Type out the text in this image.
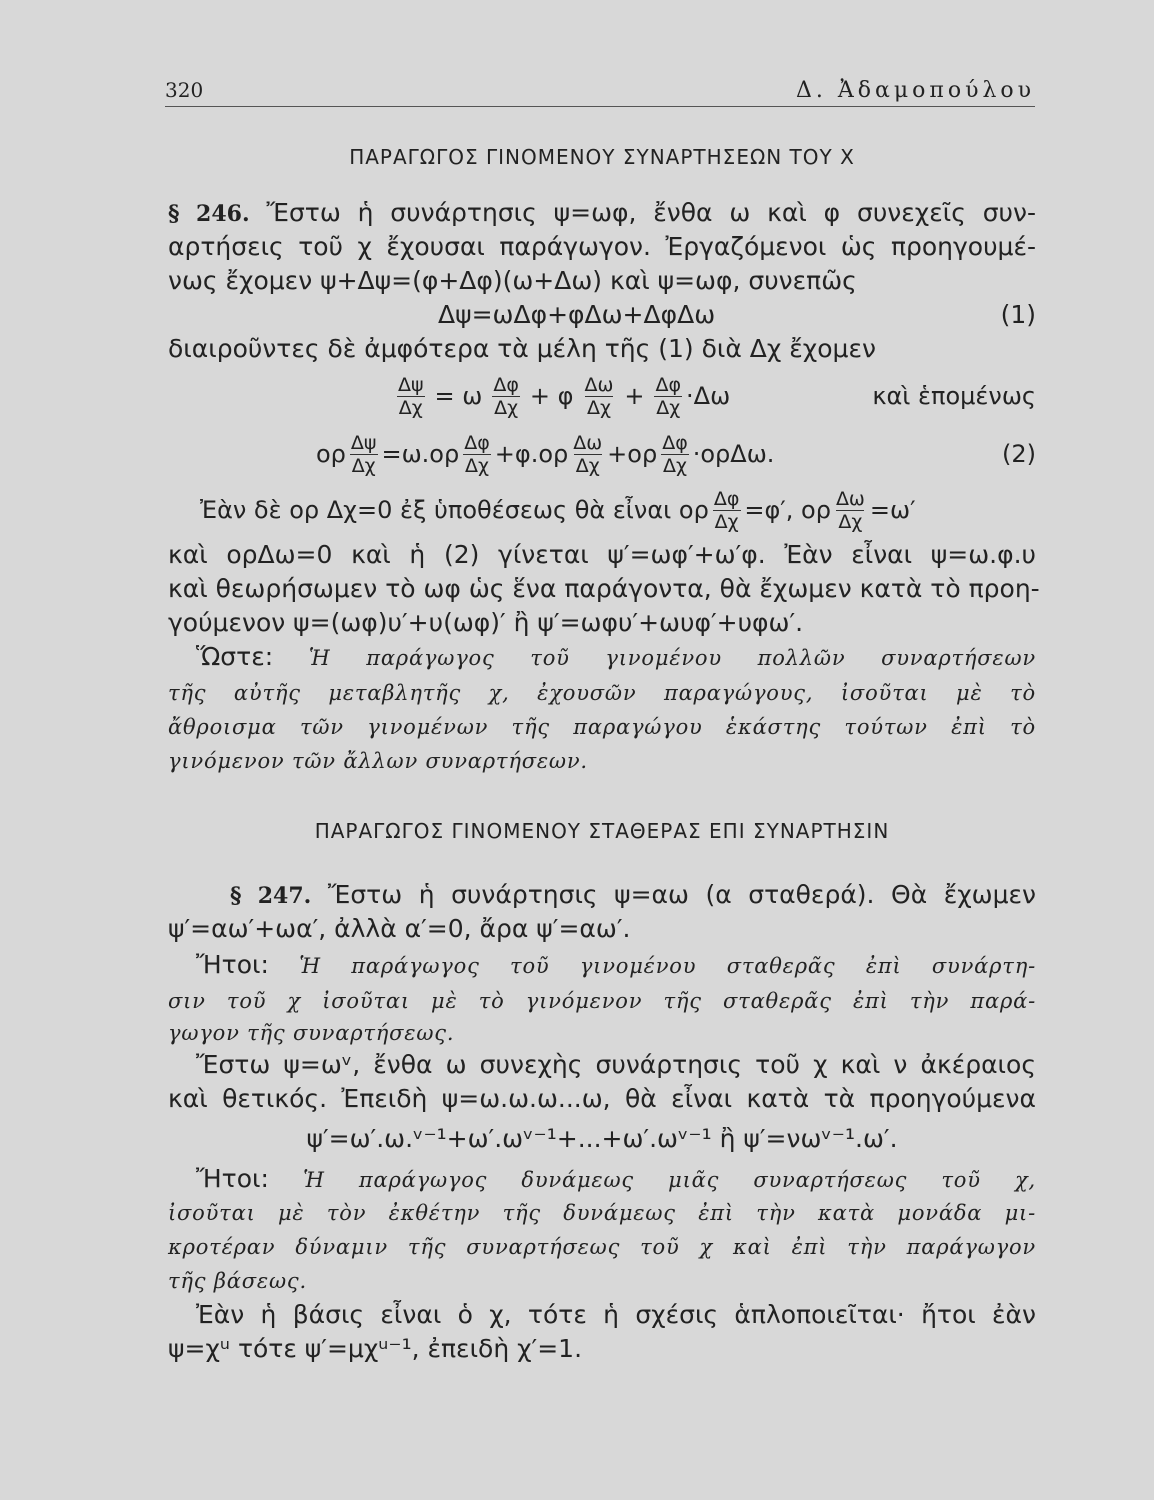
320	Δ. Ἀδαμοπούλου
ΠΑΡΑΓΩΓΟΣ ΓΙΝΟΜΕΝΟΥ ΣΥΝΑΡΤΗΣΕΩΝ ΤΟΥ Χ
§ 246. Ἔστω ἡ συνάρτησις ψ=ωφ, ἔνθα ω καὶ φ συνεχεῖς συν-
αρτήσεις τοῦ χ ἔχουσαι παράγωγον. Ἐργαζόμενοι ὡς προηγουμέ-
νως ἔχομεν ψ+Δψ=(φ+Δφ)(ω+Δω) καὶ ψ=ωφ, συνεπῶς
Δψ=ωΔφ+φΔω+ΔφΔω	(1)
διαιροῦντες δὲ ἀμφότερα τὰ μέλη τῆς (1) διὰ Δχ ἔχομεν
$\frac{\Delta\psi}{\Delta\chi} = \omega \frac{\Delta\varphi}{\Delta\chi} + \varphi \frac{\Delta\omega}{\Delta\chi} + \frac{\Delta\varphi}{\Delta\chi} \cdot\Delta\omega$	καὶ ἑπομένως
ορ $\frac{\Delta\psi}{\Delta\chi} =\omega.o\rho \frac{\Delta\varphi}{\Delta\chi} +\varphi.o\rho \frac{\Delta\omega}{\Delta\chi} +o\rho \frac{\Delta\varphi}{\Delta\chi} \cdot o\rho\Delta\omega$.	(2)
Ἐὰν δὲ ορ Δχ=0 ἐξ ὑποθέσεως θὰ εἶναι ορ $\frac{\Delta\varphi}{\Delta\chi} =\varphi'$, ορ $\frac{\Delta\omega}{\Delta\chi} =\omega'$
καὶ ορΔω=0 καὶ ἡ (2) γίνεται ψ′=ωφ′+ω′φ. Ἐὰν εἶναι ψ=ω.φ.υ
καὶ θεωρήσωμεν τὸ ωφ ὡς ἕνα παράγοντα, θὰ ἔχωμεν κατὰ τὸ προη-
γούμενον ψ=(ωφ)υ′+υ(ωφ)′ ἢ ψ′=ωφυ′+ωυφ′+υφω′.
Ὥστε: Ἡ παράγωγος τοῦ γινομένου πολλῶν συναρτήσεων
τῆς αὐτῆς μεταβλητῆς χ, ἐχουσῶν παραγώγους, ἰσοῦται μὲ τὸ
ἄθροισμα τῶν γινομένων τῆς παραγώγου ἑκάστης τούτων ἐπὶ τὸ
γινόμενον τῶν ἄλλων συναρτήσεων.
ΠΑΡΑΓΩΓΟΣ ΓΙΝΟΜΕΝΟΥ ΣΤΑΘΕΡΑΣ ΕΠΙ ΣΥΝΑΡΤΗΣΙΝ
§ 247. Ἔστω ἡ συνάρτησις ψ=αω (α σταθερά). Θὰ ἔχωμεν
ψ′=αω′+ωα′, ἀλλὰ α′=0, ἄρα ψ′=αω′.
Ἤτοι: Ἡ παράγωγος τοῦ γινομένου σταθερᾶς ἐπὶ συνάρτη-
σιν τοῦ χ ἰσοῦται μὲ τὸ γινόμενον τῆς σταθερᾶς ἐπὶ τὴν παρά-
γωγον τῆς συναρτήσεως.
Ἔστω ψ=ωᵛ, ἔνθα ω συνεχὴς συνάρτησις τοῦ χ καὶ ν ἀκέραιος
καὶ θετικός. Ἐπειδὴ ψ=ω.ω.ω...ω, θὰ εἶναι κατὰ τὰ προηγούμενα
ψ′=ω′.ω.ᵛ⁻¹+ω′.ωᵛ⁻¹+...+ω′.ωᵛ⁻¹ ἢ ψ′=νωᵛ⁻¹.ω′.
Ἤτοι: Ἡ παράγωγος δυνάμεως μιᾶς συναρτήσεως τοῦ χ,
ἰσοῦται μὲ τὸν ἐκθέτην τῆς δυνάμεως ἐπὶ τὴν κατὰ μονάδα μι-
κροτέραν δύναμιν τῆς συναρτήσεως τοῦ χ καὶ ἐπὶ τὴν παράγωγον
τῆς βάσεως.
Ἐὰν ἡ βάσις εἶναι ὁ χ, τότε ἡ σχέσις ἁπλοποιεῖται· ἤτοι ἐὰν
ψ=χᵘ τότε ψ′=μχᵘ⁻¹, ἐπειδὴ χ′=1.
